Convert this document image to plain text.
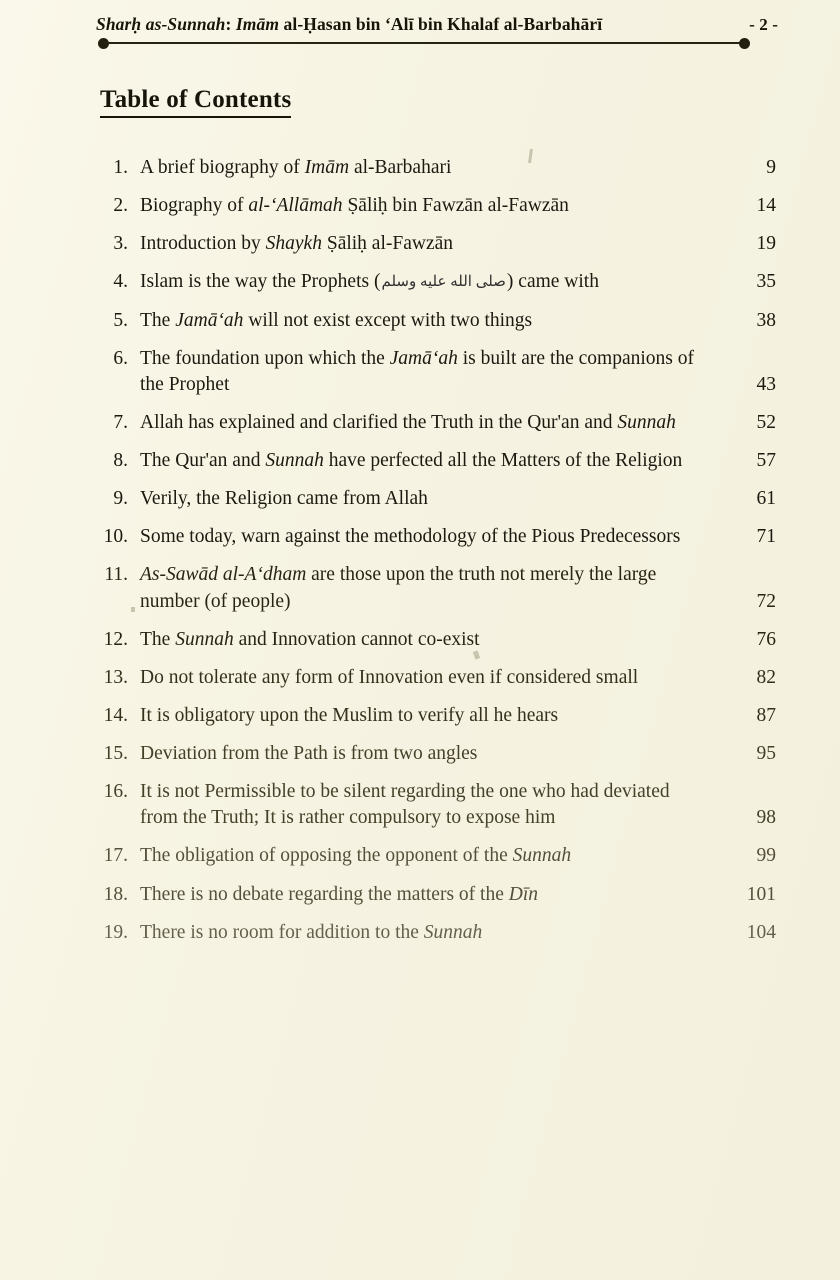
Sharḥ as-Sunnah: Imām al-Ḥasan bin ‘Alī bin Khalaf al-Barbahārī	- 2 -
Table of Contents
1. A brief biography of Imām al-Barbahari	9
2. Biography of al-‘Allāmah Ṣāliḥ bin Fawzān al-Fawzān	14
3. Introduction by Shaykh Ṣāliḥ al-Fawzān	19
4. Islam is the way the Prophets (صلى الله عليه وسلم) came with	35
5. The Jamā‘ah will not exist except with two things	38
6. The foundation upon which the Jamā‘ah is built are the companions of the Prophet	43
7. Allah has explained and clarified the Truth in the Qur'an and Sunnah	52
8. The Qur'an and Sunnah have perfected all the Matters of the Religion	57
9. Verily, the Religion came from Allah	61
10. Some today, warn against the methodology of the Pious Predecessors	71
11. As-Sawād al-A‘dham are those upon the truth not merely the large number (of people)	72
12. The Sunnah and Innovation cannot co-exist	76
13. Do not tolerate any form of Innovation even if considered small	82
14. It is obligatory upon the Muslim to verify all he hears	87
15. Deviation from the Path is from two angles	95
16. It is not Permissible to be silent regarding the one who had deviated from the Truth; It is rather compulsory to expose him	98
17. The obligation of opposing the opponent of the Sunnah	99
18. There is no debate regarding the matters of the Dīn	101
19. There is no room for addition to the Sunnah	104
